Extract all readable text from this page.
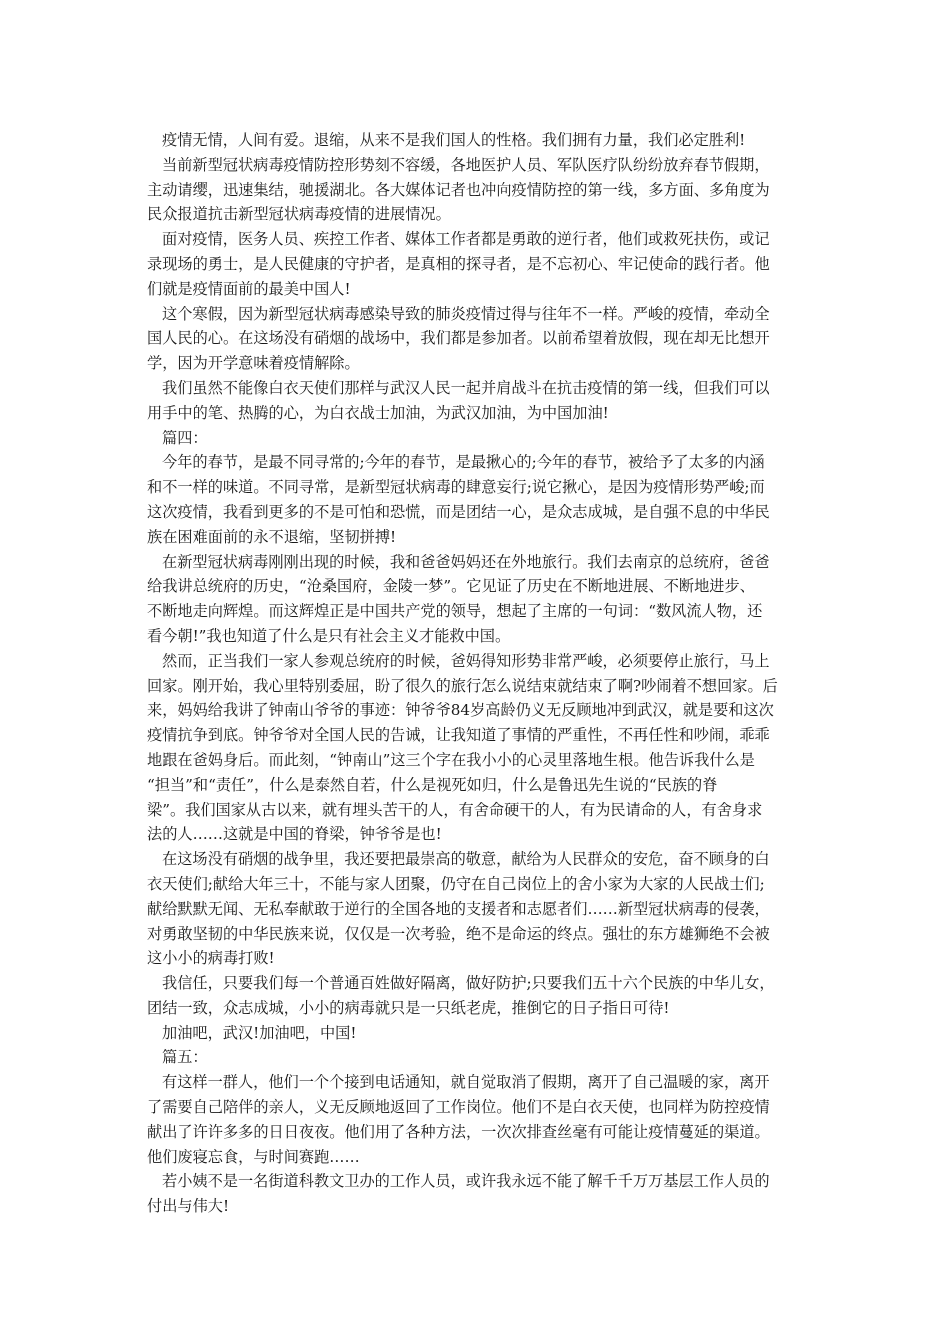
疫情无情，人间有爱。退缩，从来不是我们国人的性格。我们拥有力量，我们必定胜利!

当前新型冠状病毒疫情防控形势刻不容缓，各地医护人员、军队医疗队纷纷放弃春节假期，
主动请缨，迅速集结，驰援湖北。各大媒体记者也冲向疫情防控的第一线，多方面、多角度为
民众报道抗击新型冠状病毒疫情的进展情况。

面对疫情，医务人员、疾控工作者、媒体工作者都是勇敢的逆行者，他们或救死扶伤，或记
录现场的勇士，是人民健康的守护者，是真相的探寻者，是不忘初心、牢记使命的践行者。他
们就是疫情面前的最美中国人!

这个寒假，因为新型冠状病毒感染导致的肺炎疫情过得与往年不一样。严峻的疫情，牵动全
国人民的心。在这场没有硝烟的战场中，我们都是参加者。以前希望着放假，现在却无比想开
学，因为开学意味着疫情解除。

我们虽然不能像白衣天使们那样与武汉人民一起并肩战斗在抗击疫情的第一线，但我们可以
用手中的笔、热腾的心，为白衣战士加油，为武汉加油，为中国加油!

篇四：

今年的春节，是最不同寻常的;今年的春节，是最揪心的;今年的春节，被给予了太多的内涵
和不一样的味道。不同寻常，是新型冠状病毒的肆意妄行;说它揪心，是因为疫情形势严峻;而
这次疫情，我看到更多的不是可怕和恐慌，而是团结一心，是众志成城，是自强不息的中华民
族在困难面前的永不退缩，坚韧拼搏!

在新型冠状病毒刚刚出现的时候，我和爸爸妈妈还在外地旅行。我们去南京的总统府，爸爸
给我讲总统府的历史，“沧桑国府，金陵一梦”。它见证了历史在不断地进展、不断地进步、
不断地走向辉煌。而这辉煌正是中国共产党的领导，想起了主席的一句词：“数风流人物，还
看今朝!”我也知道了什么是只有社会主义才能救中国。

然而，正当我们一家人参观总统府的时候，爸妈得知形势非常严峻，必须要停止旅行，马上
回家。刚开始，我心里特别委屈，盼了很久的旅行怎么说结束就结束了啊?吵闹着不想回家。后
来，妈妈给我讲了钟南山爷爷的事迹：钟爷爷84岁高龄仍义无反顾地冲到武汉，就是要和这次
疫情抗争到底。钟爷爷对全国人民的告诫，让我知道了事情的严重性，不再任性和吵闹，乖乖
地跟在爸妈身后。而此刻，“钟南山”这三个字在我小小的心灵里落地生根。他告诉我什么是
“担当”和“责任”，什么是泰然自若，什么是视死如归，什么是鲁迅先生说的“民族的脊
梁”。我们国家从古以来，就有埋头苦干的人，有舍命硬干的人，有为民请命的人，有舍身求
法的人……这就是中国的脊梁，钟爷爷是也!

在这场没有硝烟的战争里，我还要把最崇高的敬意，献给为人民群众的安危，奋不顾身的白
衣天使们;献给大年三十，不能与家人团聚，仍守在自己岗位上的舍小家为大家的人民战士们;
献给默默无闻、无私奉献敢于逆行的全国各地的支援者和志愿者们……新型冠状病毒的侵袭，
对勇敢坚韧的中华民族来说，仅仅是一次考验，绝不是命运的终点。强壮的东方雄狮绝不会被
这小小的病毒打败!

我信任，只要我们每一个普通百姓做好隔离，做好防护;只要我们五十六个民族的中华儿女，
团结一致，众志成城，小小的病毒就只是一只纸老虎，推倒它的日子指日可待!

加油吧，武汉!加油吧，中国!

篇五：

有这样一群人，他们一个个接到电话通知，就自觉取消了假期，离开了自己温暖的家，离开
了需要自己陪伴的亲人，义无反顾地返回了工作岗位。他们不是白衣天使，也同样为防控疫情
献出了许许多多的日日夜夜。他们用了各种方法，一次次排查丝毫有可能让疫情蔓延的渠道。
他们废寝忘食，与时间赛跑……

若小姨不是一名街道科教文卫办的工作人员，或许我永远不能了解千千万万基层工作人员的
付出与伟大!
